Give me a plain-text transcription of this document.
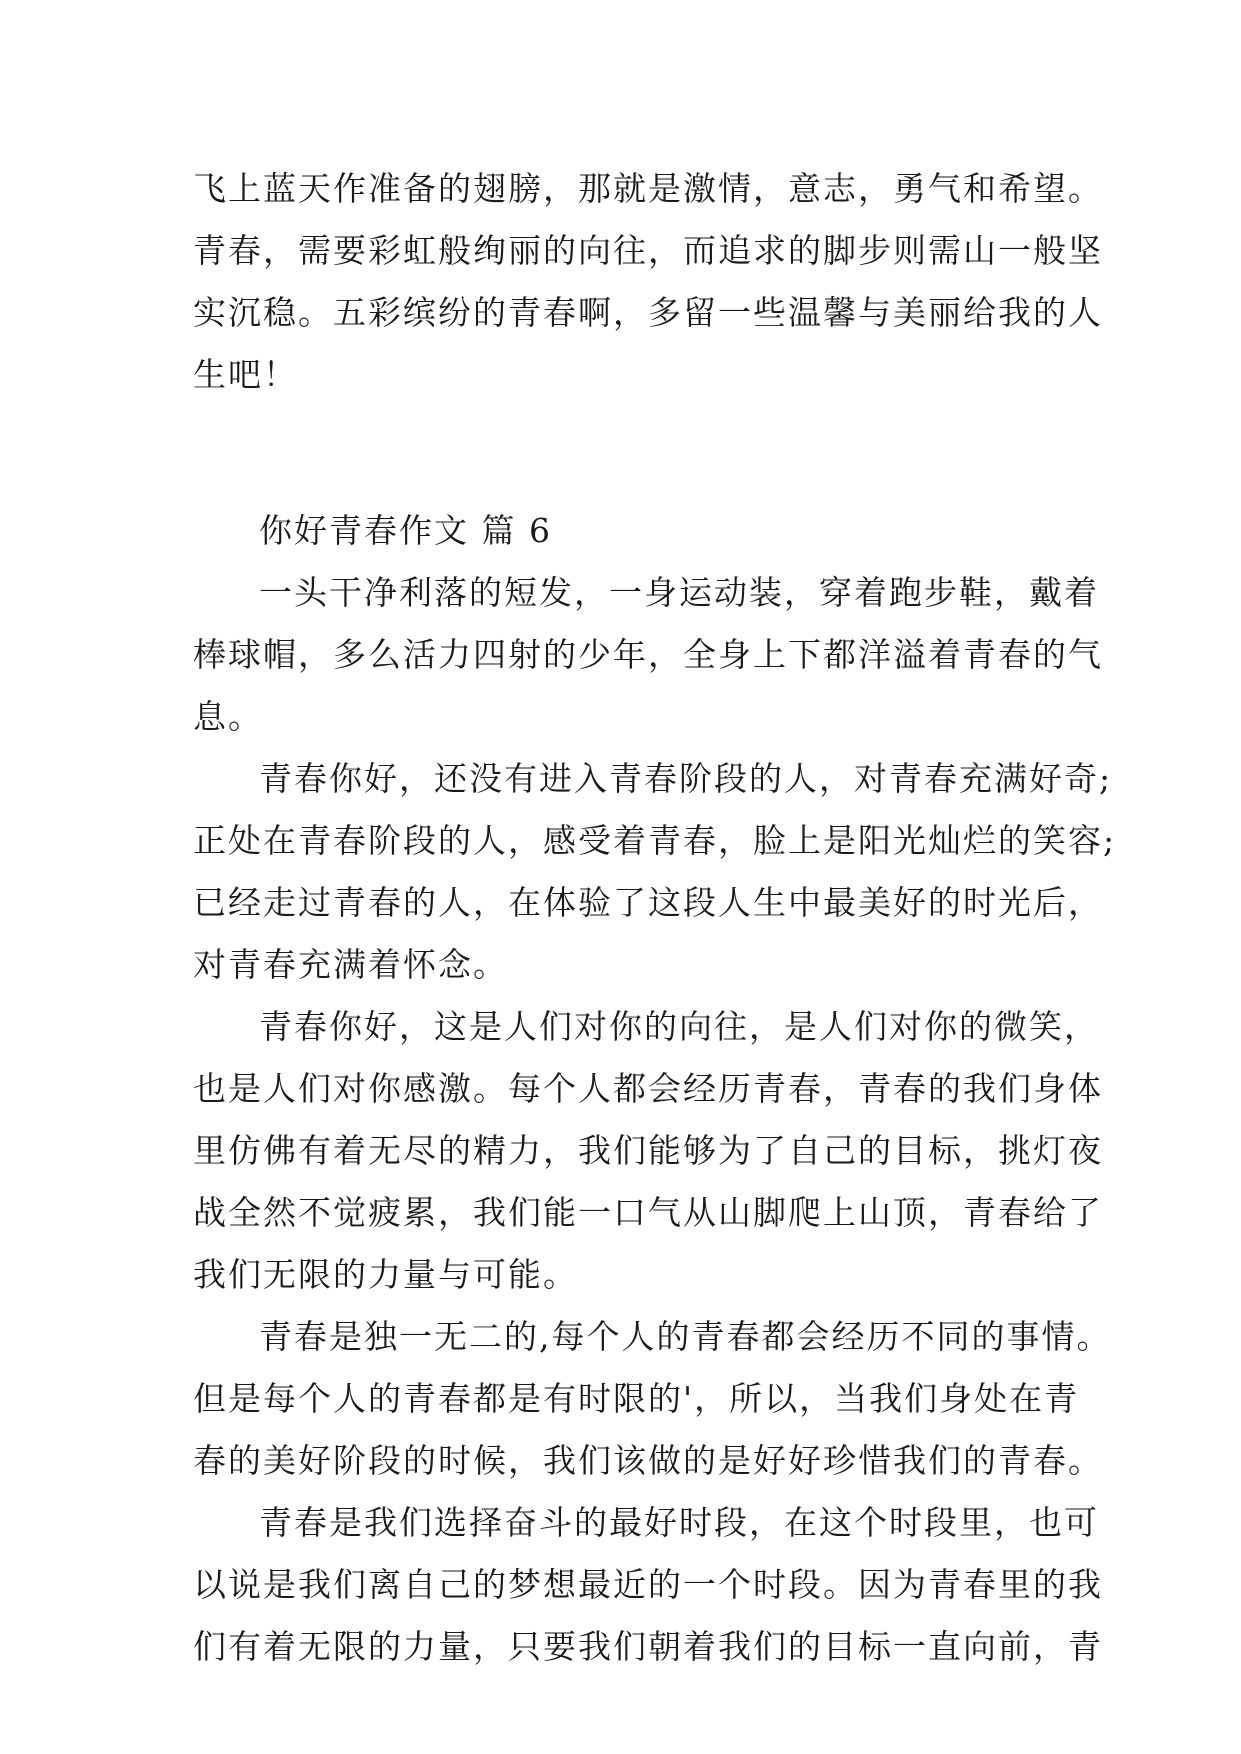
飞上蓝天作准备的翅膀，那就是激情，意志，勇气和希望。
青春，需要彩虹般绚丽的向往，而追求的脚步则需山一般坚
实沉稳。五彩缤纷的青春啊，多留一些温馨与美丽给我的人
生吧！
你好青春作文 篇 6
一头干净利落的短发，一身运动装，穿着跑步鞋，戴着
棒球帽，多么活力四射的少年，全身上下都洋溢着青春的气
息。
青春你好，还没有进入青春阶段的人，对青春充满好奇;
正处在青春阶段的人，感受着青春，脸上是阳光灿烂的笑容;
已经走过青春的人，在体验了这段人生中最美好的时光后，
对青春充满着怀念。
青春你好，这是人们对你的向往，是人们对你的微笑，
也是人们对你感激。每个人都会经历青春，青春的我们身体
里仿佛有着无尽的精力，我们能够为了自己的目标，挑灯夜
战全然不觉疲累，我们能一口气从山脚爬上山顶，青春给了
我们无限的力量与可能。
青春是独一无二的,每个人的青春都会经历不同的事情。
但是每个人的青春都是有时限的'，所以，当我们身处在青
春的美好阶段的时候，我们该做的是好好珍惜我们的青春。
青春是我们选择奋斗的最好时段，在这个时段里，也可
以说是我们离自己的梦想最近的一个时段。因为青春里的我
们有着无限的力量，只要我们朝着我们的目标一直向前，青
